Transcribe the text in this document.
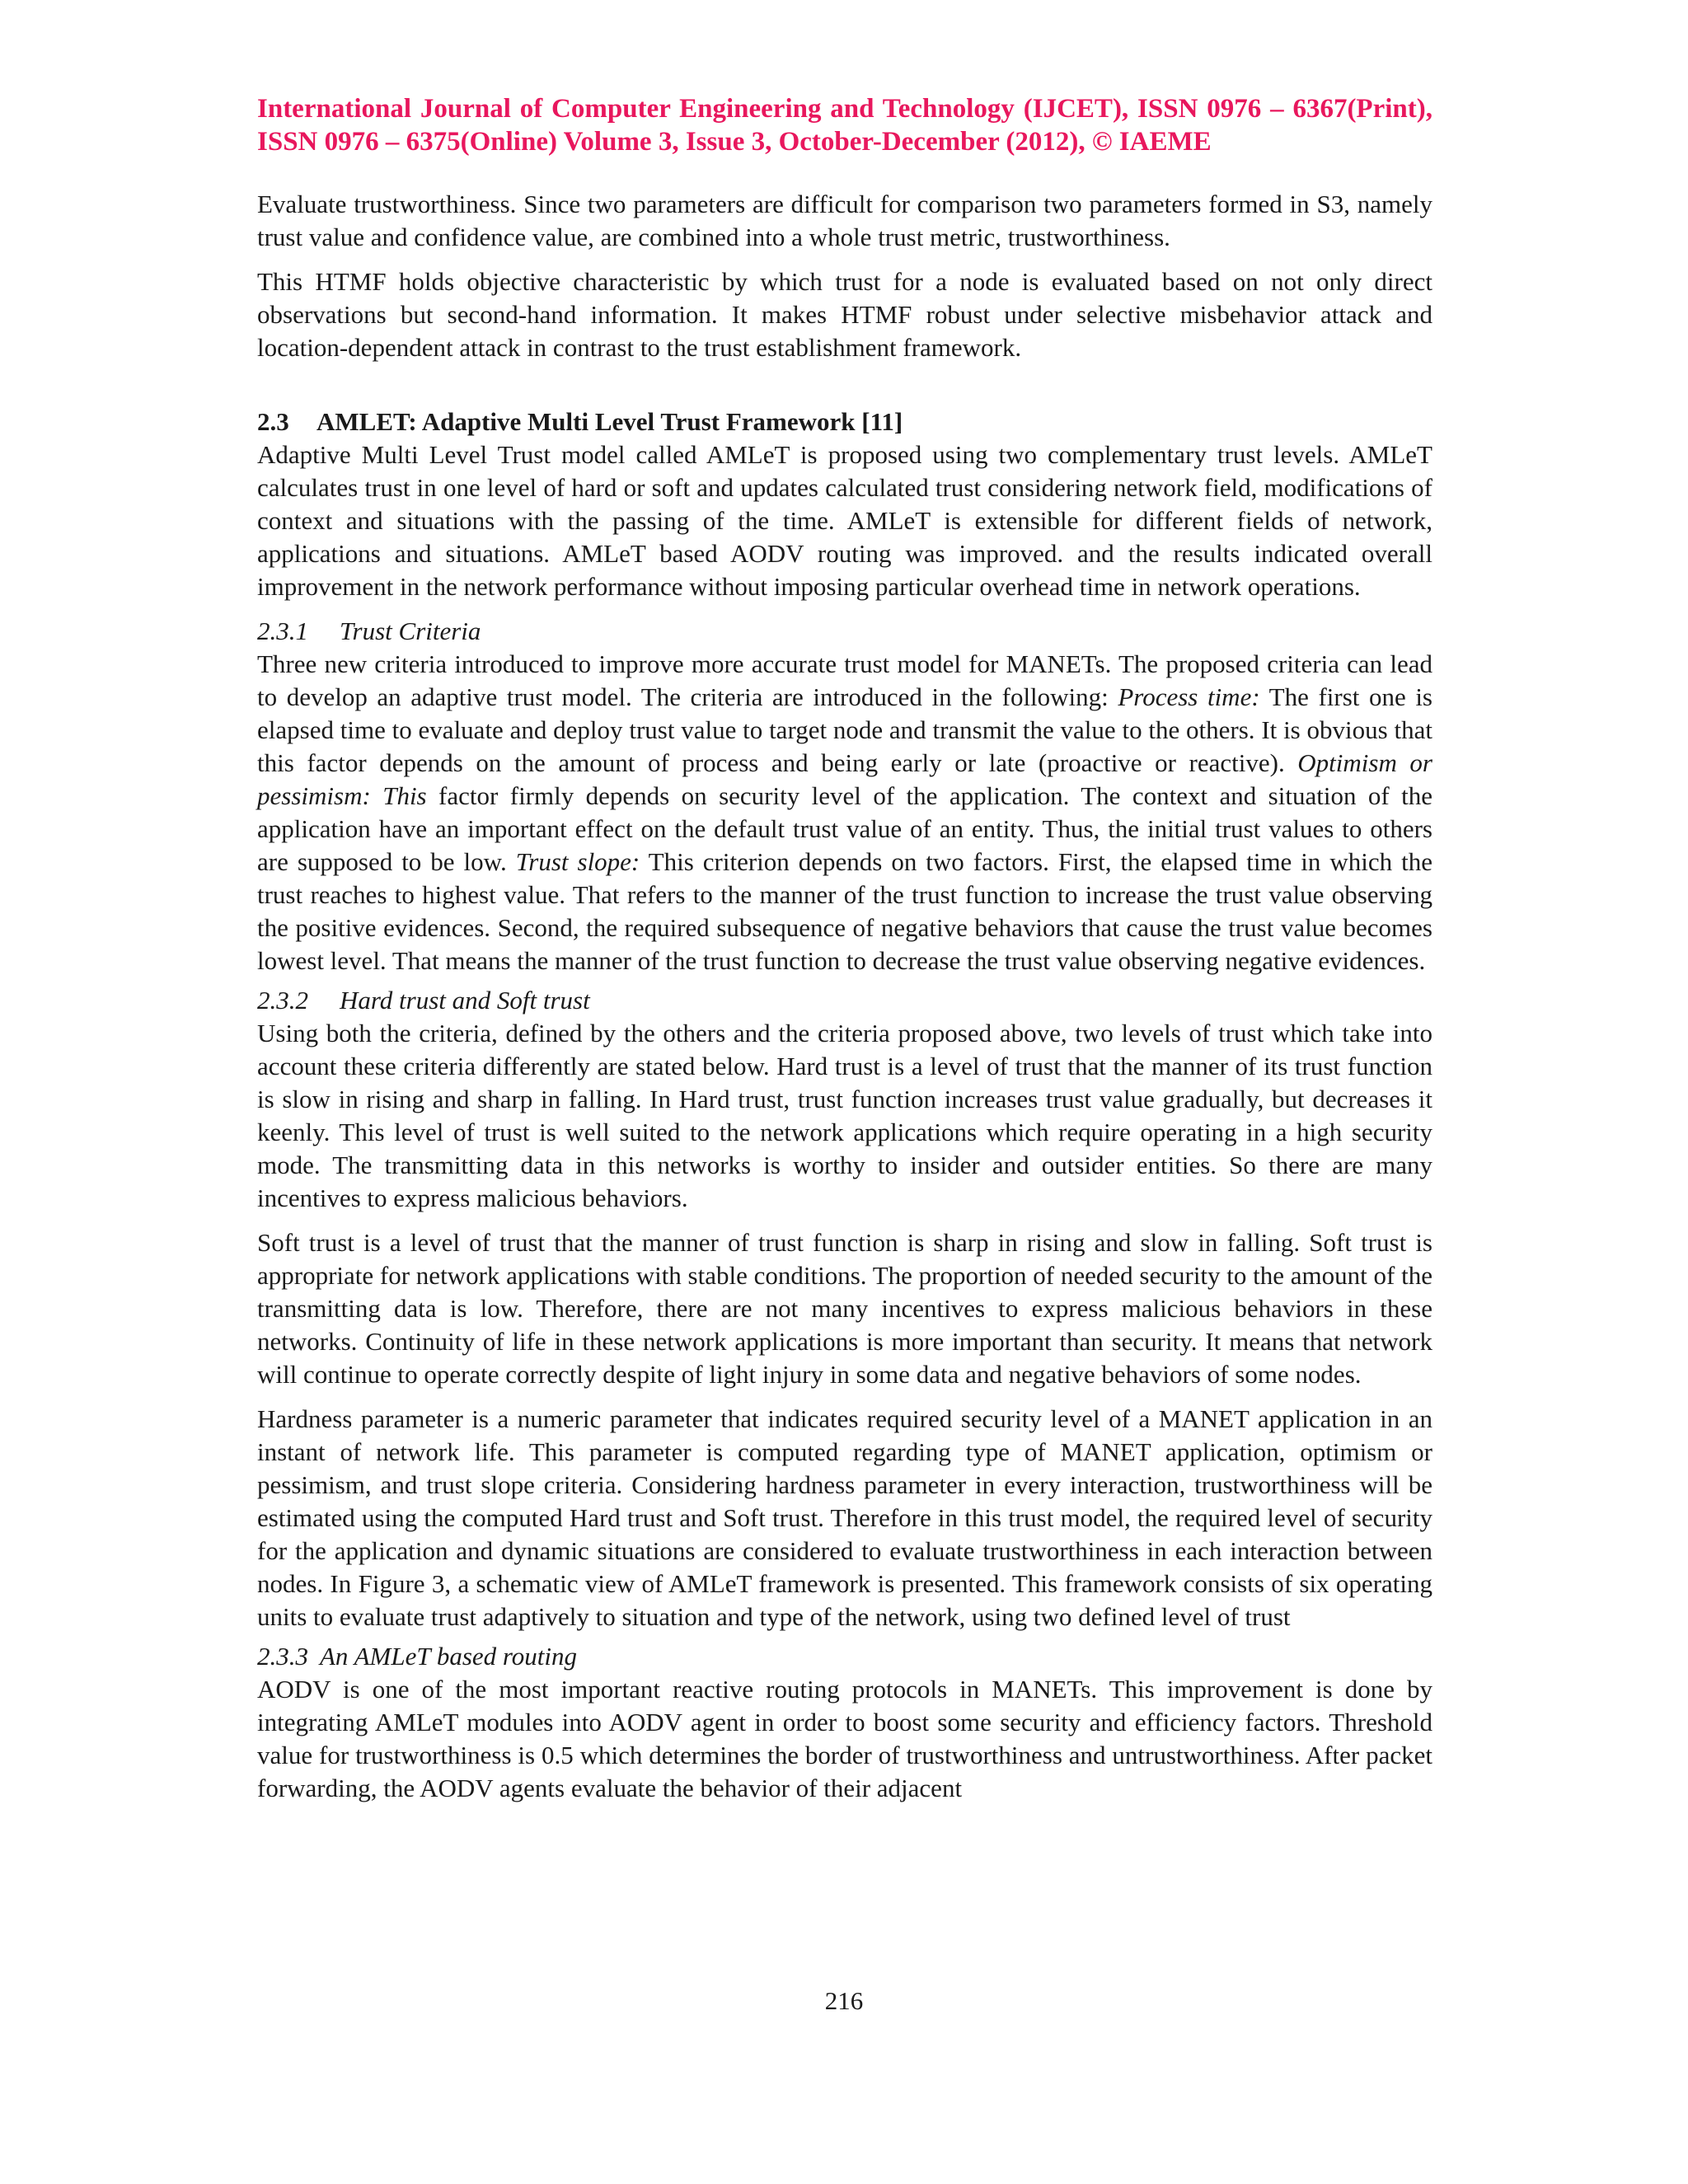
International Journal of Computer Engineering and Technology (IJCET), ISSN 0976 – 6367(Print), ISSN 0976 – 6375(Online) Volume 3, Issue 3, October-December (2012), © IAEME

Evaluate trustworthiness. Since two parameters are difficult for comparison two parameters formed in S3, namely trust value and confidence value, are combined into a whole trust metric, trustworthiness.

This HTMF holds objective characteristic by which trust for a node is evaluated based on not only direct observations but second-hand information. It makes HTMF robust under selective misbehavior attack and location-dependent attack in contrast to the trust establishment framework.

2.3 AMLET: Adaptive Multi Level Trust Framework [11]

Adaptive Multi Level Trust model called AMLeT is proposed using two complementary trust levels. AMLeT calculates trust in one level of hard or soft and updates calculated trust considering network field, modifications of context and situations with the passing of the time. AMLeT is extensible for different fields of network, applications and situations. AMLeT based AODV routing was improved. and the results indicated overall improvement in the network performance without imposing particular overhead time in network operations.

2.3.1 Trust Criteria

Three new criteria introduced to improve more accurate trust model for MANETs. The proposed criteria can lead to develop an adaptive trust model. The criteria are introduced in the following: Process time: The first one is elapsed time to evaluate and deploy trust value to target node and transmit the value to the others. It is obvious that this factor depends on the amount of process and being early or late (proactive or reactive). Optimism or pessimism: This factor firmly depends on security level of the application. The context and situation of the application have an important effect on the default trust value of an entity. Thus, the initial trust values to others are supposed to be low. Trust slope: This criterion depends on two factors. First, the elapsed time in which the trust reaches to highest value. That refers to the manner of the trust function to increase the trust value observing the positive evidences. Second, the required subsequence of negative behaviors that cause the trust value becomes lowest level. That means the manner of the trust function to decrease the trust value observing negative evidences.

2.3.2 Hard trust and Soft trust

Using both the criteria, defined by the others and the criteria proposed above, two levels of trust which take into account these criteria differently are stated below. Hard trust is a level of trust that the manner of its trust function is slow in rising and sharp in falling. In Hard trust, trust function increases trust value gradually, but decreases it keenly. This level of trust is well suited to the network applications which require operating in a high security mode. The transmitting data in this networks is worthy to insider and outsider entities. So there are many incentives to express malicious behaviors.

Soft trust is a level of trust that the manner of trust function is sharp in rising and slow in falling. Soft trust is appropriate for network applications with stable conditions. The proportion of needed security to the amount of the transmitting data is low. Therefore, there are not many incentives to express malicious behaviors in these networks. Continuity of life in these network applications is more important than security. It means that network will continue to operate correctly despite of light injury in some data and negative behaviors of some nodes.

Hardness parameter is a numeric parameter that indicates required security level of a MANET application in an instant of network life. This parameter is computed regarding type of MANET application, optimism or pessimism, and trust slope criteria. Considering hardness parameter in every interaction, trustworthiness will be estimated using the computed Hard trust and Soft trust. Therefore in this trust model, the required level of security for the application and dynamic situations are considered to evaluate trustworthiness in each interaction between nodes. In Figure 3, a schematic view of AMLeT framework is presented. This framework consists of six operating units to evaluate trust adaptively to situation and type of the network, using two defined level of trust

2.3.3 An AMLeT based routing

AODV is one of the most important reactive routing protocols in MANETs. This improvement is done by integrating AMLeT modules into AODV agent in order to boost some security and efficiency factors. Threshold value for trustworthiness is 0.5 which determines the border of trustworthiness and untrustworthiness. After packet forwarding, the AODV agents evaluate the behavior of their adjacent

216
